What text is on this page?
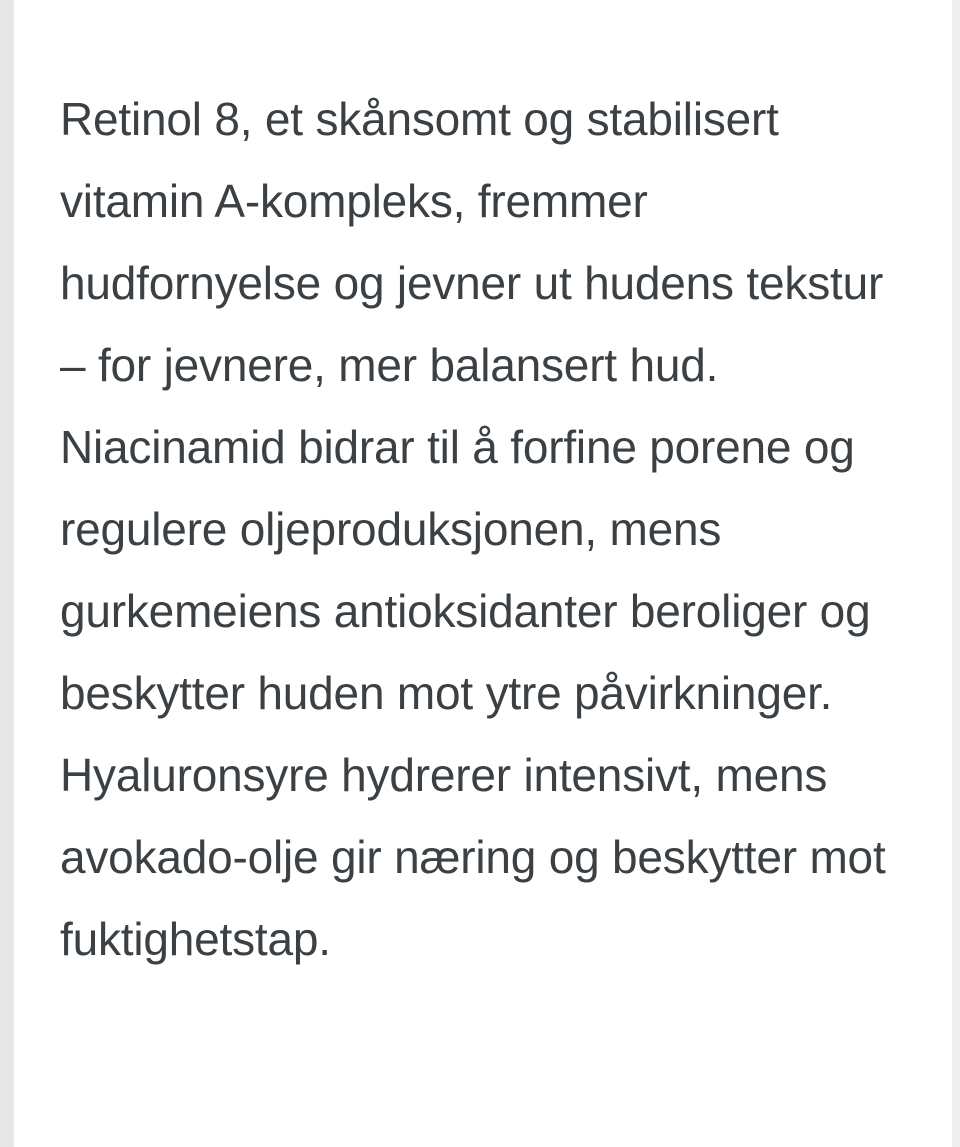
Retinol 8, et skånsomt og stabilisert vitamin A-kompleks, fremmer hudfornyelse og jevner ut hudens tekstur – for jevnere, mer balansert hud. Niacinamid bidrar til å forfine porene og regulere oljeproduksjonen, mens gurkemeiens antioksidanter beroliger og beskytter huden mot ytre påvirkninger. Hyaluronsyre hydrerer intensivt, mens avokado-olje gir næring og beskytter mot fuktighetstap.
